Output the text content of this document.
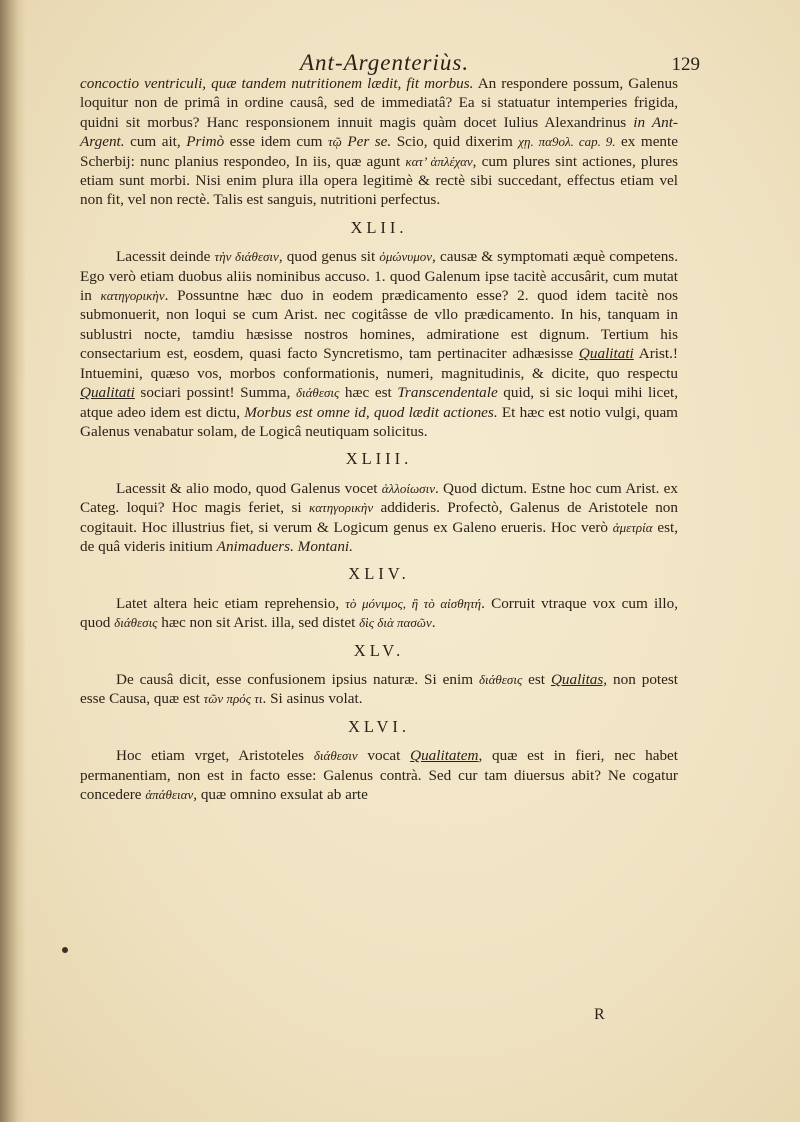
Ant-Argenteriùs.	129

concoctio ventriculi, quæ tandem nutritionem lædit, fit morbus. An respondere possum, Galenus loquitur non de primâ in ordine causâ, sed de immediatâ? Ea si statuatur intemperies frigida, quidni sit morbus? Hanc responsionem innuit magis quàm docet Iulius Alexandrinus in Ant-Argent. cum ait, Primò esse idem cum τῷ Per se. Scio, quid dixerim χῃ. πα9ολ. cap. 9. ex mente Scherbij: nunc planius respondeo, In iis, quæ agunt κατ’ ἁπλέχαν, cum plures sint actiones, plures etiam sunt morbi. Nisi enim plura illa opera legitimè & rectè sibi succedant, effectus etiam vel non fit, vel non rectè. Talis est sanguis, nutritioni perfectus.

XLII.

Lacessit deinde τὴν διάθεσιν, quod genus sit ὁμώνυμον, causæ & symptomati æquè competens. Ego verò etiam duobus aliis nominibus accuso. 1. quod Galenum ipse tacitè accusârit, cum mutat in κατηγορικὴν. Possuntne hæc duo in eodem prædicamento esse? 2. quod idem tacitè nos submonuerit, non loqui se cum Arist. nec cogitâsse de vllo prædicamento. In his, tanquam in sublustri nocte, tamdiu hæsisse nostros homines, admiratione est dignum. Tertium his consectarium est, eosdem, quasi facto Syncretismo, tam pertinaciter adhæsisse Qualitati Arist.! Intuemini, quæso vos, morbos conformationis, numeri, magnitudinis, & dicite, quo respectu Qualitati sociari possint! Summa, διάθεσις hæc est Transcendentale quid, si sic loqui mihi licet, atque adeo idem est dictu, Morbus est omne id, quod lædit actiones. Et hæc est notio vulgi, quam Galenus venabatur solam, de Logicâ neutiquam solicitus.

XLIII.

Lacessit & alio modo, quod Galenus vocet ἀλλοίωσιν. Quod dictum. Estne hoc cum Arist. ex Categ. loqui? Hoc magis feriet, si κατηγορικὴν addideris. Profectò, Galenus de Aristotele non cogitauit. Hoc illustrius fiet, si verum & Logicum genus ex Galeno erueris. Hoc verò ἀμετρία est, de quâ videris initium Animaduers. Montani.

XLIV.

Latet altera heic etiam reprehensio, τὸ μόνιμος, ἢ τὸ αἰσθητή. Corruit vtraque vox cum illo, quod διάθεσις hæc non sit Arist. illa, sed distet δὶς διὰ πασῶν.

XLV.

De causâ dicit, esse confusionem ipsius naturæ. Si enim διάθεσις est Qualitas, non potest esse Causa, quæ est τῶν πρός τι. Si asinus volat.

XLVI.

Hoc etiam vrget, Aristoteles διάθεσιν vocat Qualitatem, quæ est in fieri, nec habet permanentiam, non est in facto esse: Galenus contrà. Sed cur tam diuersus abit? Ne cogatur concedere ἀπάθειαν, quæ omnino exsulat ab arte

R
